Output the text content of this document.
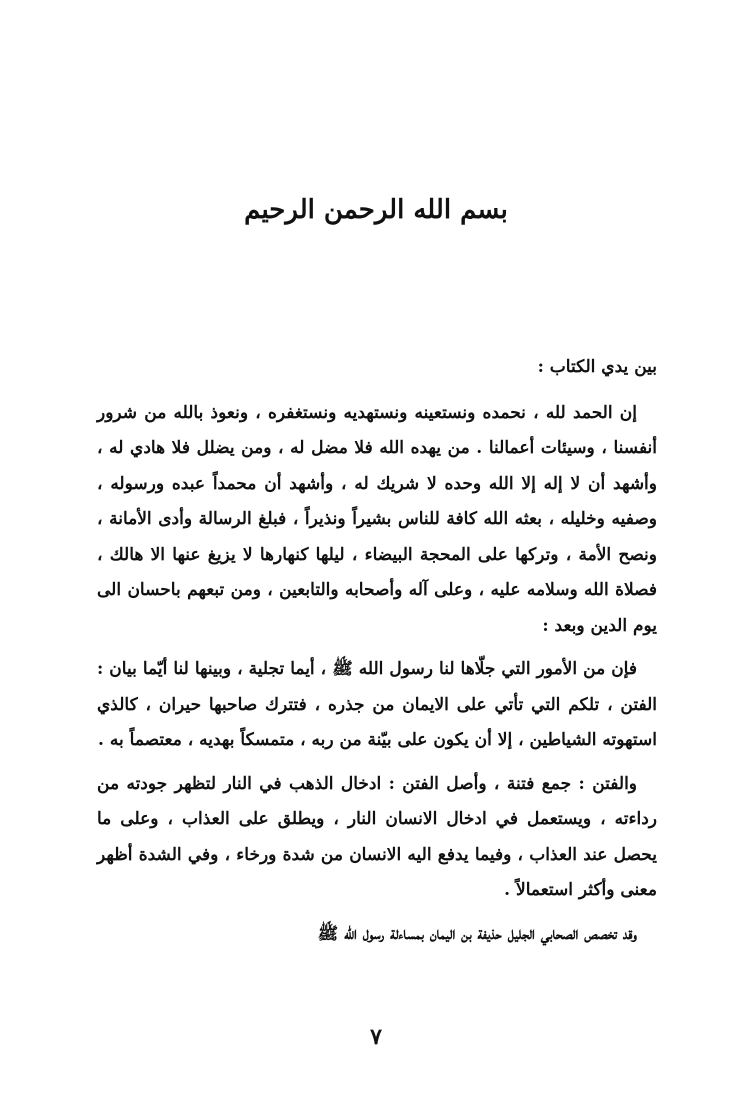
بسم الله الرحمن الرحيم

بين يدي الكتاب :

إن الحمد لله ، نحمده ونستعينه ونستهديه ونستغفره ، ونعوذ بالله من شرور أنفسنا ، وسيئات أعمالنا . من يهده الله فلا مضل له ، ومن يضلل فلا هادي له ، وأشهد أن لا إله إلا الله وحده لا شريك له ، وأشهد أن محمداً عبده ورسوله ، وصفيه وخليله ، بعثه الله كافة للناس بشيراً ونذيراً ، فبلغ الرسالة وأدى الأمانة ، ونصح الأمة ، وتركها على المحجة البيضاء ، ليلها كنهارها لا يزيغ عنها الا هالك ، فصلاة الله وسلامه عليه ، وعلى آله وأصحابه والتابعين ، ومن تبعهم باحسان الى يوم الدين وبعد :

فإن من الأمور التي جلّاها لنا رسول الله ﷺ ، أيما تجلية ، وبينها لنا أيّما بيان : الفتن ، تلكم التي تأتي على الايمان من جذره ، فتترك صاحبها حيران ، كالذي استهوته الشياطين ، إلا أن يكون على بيّنة من ربه ، متمسكاً بهديه ، معتصماً به .

والفتن : جمع فتنة ، وأصل الفتن : ادخال الذهب في النار لتظهر جودته من رداءته ، ويستعمل في ادخال الانسان النار ، ويطلق على العذاب ، وعلى ما يحصل عند العذاب ، وفيما يدفع اليه الانسان من شدة ورخاء ، وفي الشدة أظهر معنى وأكثر استعمالاً .

وقد تخصص الصحابي الجليل حذيفة بن اليمان بمساءلة رسول الله ﷺ

٧
